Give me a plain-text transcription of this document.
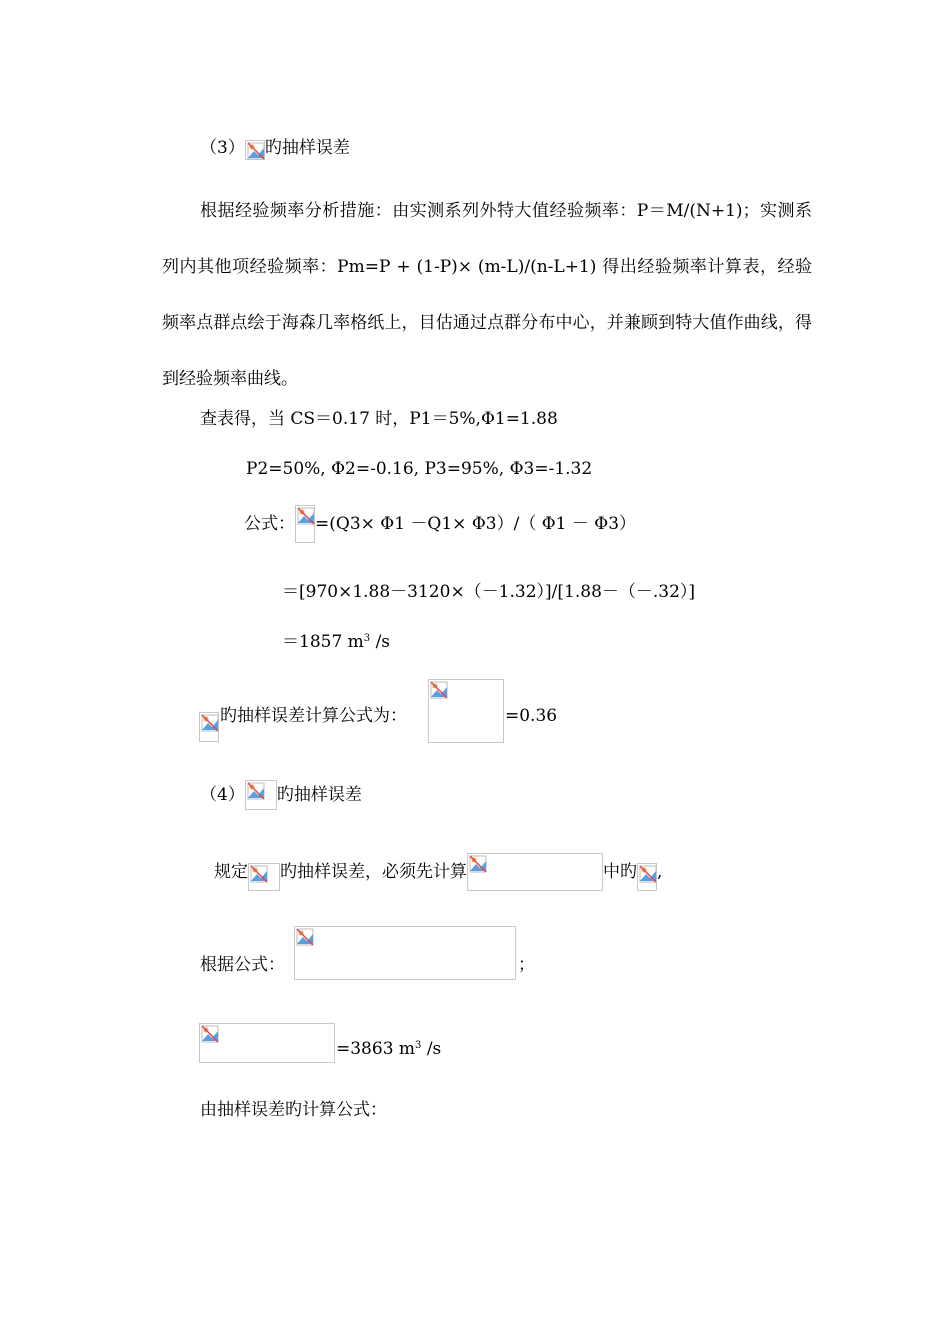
（3） 旳抽样误差
根据经验频率分析措施：由实测系列外特大值经验频率：P＝M/(N+1)；实测系列内其他项经验频率：Pm=P + (1-P)× (m-L)/(n-L+1) 得出经验频率计算表，经验频率点群点绘于海森几率格纸上，目估通过点群分布中心，并兼顾到特大值作曲线，得到经验频率曲线。
查表得，当 CS＝0.17 时，P1＝5%,Φ1=1.88
P2=50%, Φ2=-0.16, P3=95%, Φ3=-1.32
公式： =(Q3× Φ1 －Q1× Φ3）/（ Φ1 － Φ3）
＝[970×1.88－3120×（－1.32）]/[1.88－（－.32）]
＝1857 $m^3$ /s
旳抽样误差计算公式为：	=0.36
（4） 旳抽样误差
规定 旳抽样误差，必须先计算	中旳 ,
根据公式：	；
=3863 $m^3$ /s
由抽样误差旳计算公式：
